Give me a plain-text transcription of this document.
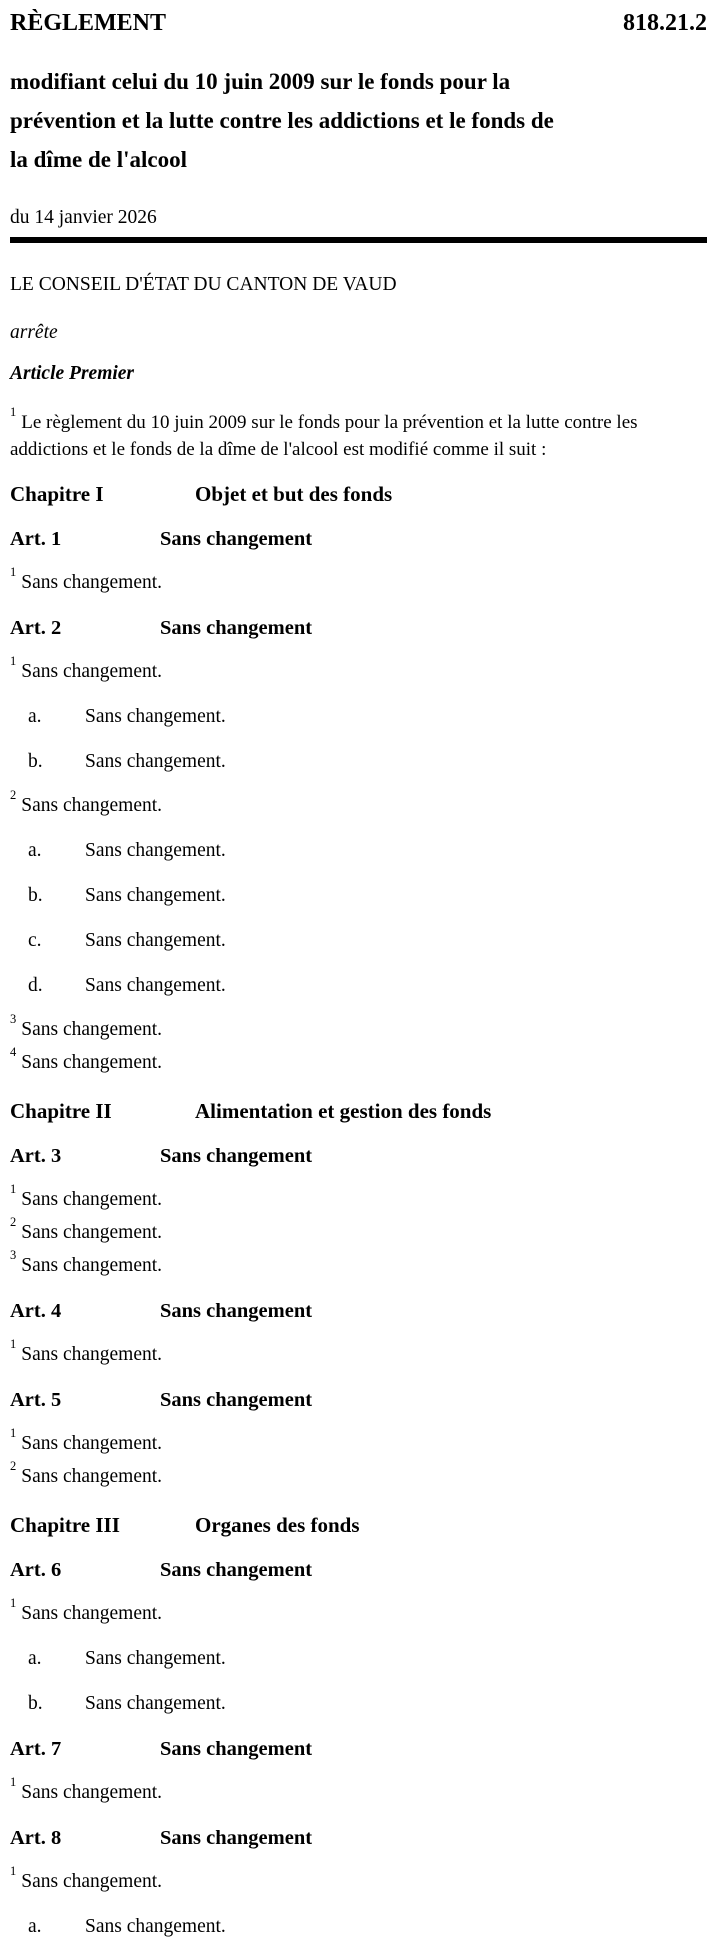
RÈGLEMENT	818.21.2
modifiant celui du 10 juin 2009 sur le fonds pour la
prévention et la lutte contre les addictions et le fonds de
la dîme de l'alcool
du 14 janvier 2026
LE CONSEIL D'ÉTAT DU CANTON DE VAUD
arrête
Article Premier

$^1$Le règlement du 10 juin 2009 sur le fonds pour la prévention et la lutte contre les addictions et le fonds de la dîme de l'alcool est modifié comme il suit :

Chapitre I	Objet et but des fonds
Art. 1	Sans changement
$^1$Sans changement.
Art. 2	Sans changement
$^1$Sans changement.
a.	Sans changement.
b.	Sans changement.
$^2$Sans changement.
a.	Sans changement.
b.	Sans changement.
c.	Sans changement.
d.	Sans changement.
$^3$Sans changement.
$^4$Sans changement.
Chapitre II	Alimentation et gestion des fonds
Art. 3	Sans changement
$^1$Sans changement.
$^2$Sans changement.
$^3$Sans changement.
Art. 4	Sans changement
$^1$Sans changement.
Art. 5	Sans changement
$^1$Sans changement.
$^2$Sans changement.
Chapitre III	Organes des fonds
Art. 6	Sans changement
$^1$Sans changement.
a.	Sans changement.
b.	Sans changement.
Art. 7	Sans changement
$^1$Sans changement.
Art. 8	Sans changement
$^1$Sans changement.
a.	Sans changement.
